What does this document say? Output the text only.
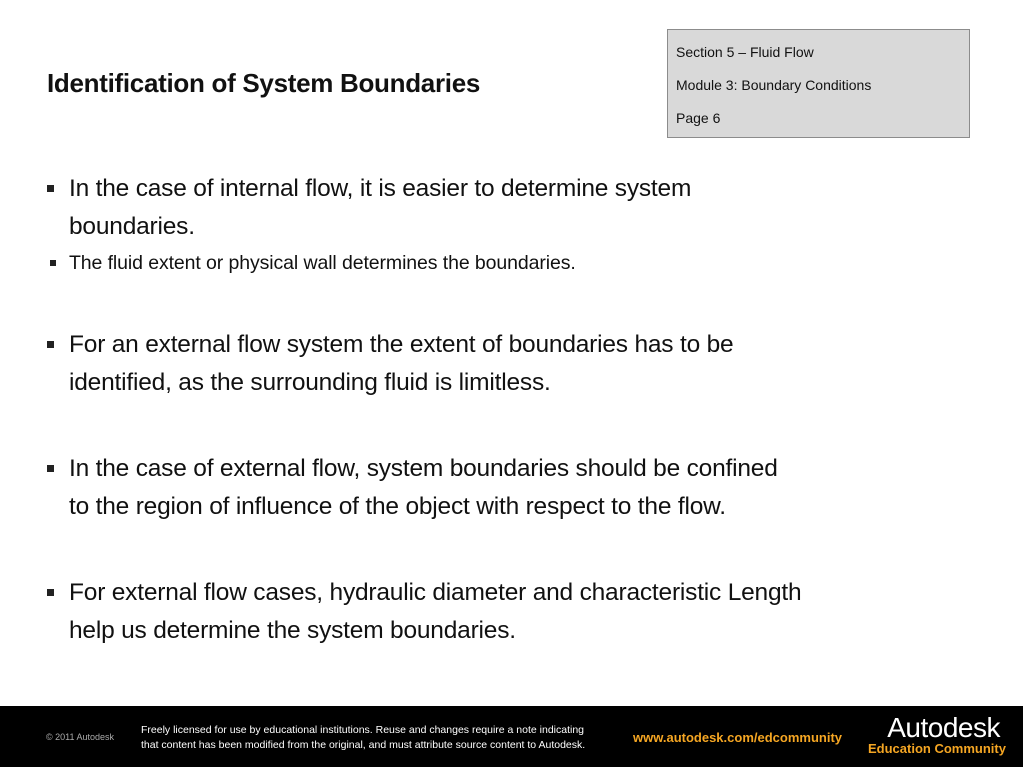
Identification of System Boundaries
Section 5 – Fluid Flow
Module 3: Boundary Conditions
Page 6
In the case of internal flow, it is easier to determine system
boundaries.
The fluid extent or physical wall determines the boundaries.
For an external flow system the extent of boundaries has to be
identified, as the surrounding fluid is limitless.
In the case of external flow, system boundaries should be confined
to the region of influence of the object with respect to the flow.
For external flow cases, hydraulic diameter and characteristic Length
help us determine the system boundaries.
© 2011 Autodesk
Freely licensed for use by educational institutions. Reuse and changes require a note indicating
that content has been modified from the original, and must attribute source content to Autodesk.	www.autodesk.com/edcommunity	Autodesk
Education Community
